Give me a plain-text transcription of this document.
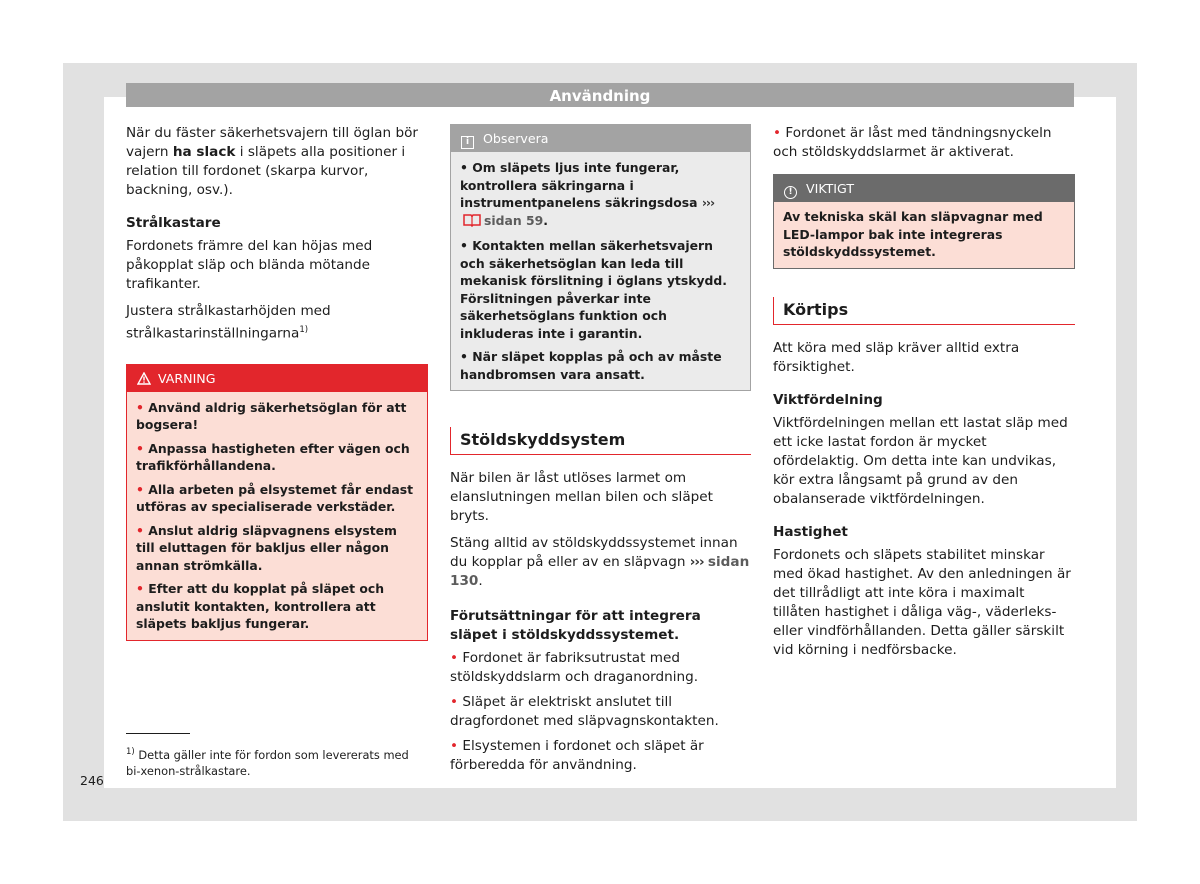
Användning

När du fäster säkerhetsvajern till öglan bör vajern ha slack i släpets alla positioner i relation till fordonet (skarpa kurvor, backning, osv.).

Strålkastare

Fordonets främre del kan höjas med påkopplat släp och blända mötande trafikanter.

Justera strålkastarhöjden med strålkastarinställningarna$^{1)}$

VARNING
• Använd aldrig säkerhetsöglan för att bogsera!
• Anpassa hastigheten efter vägen och trafikförhållandena.
• Alla arbeten på elsystemet får endast utföras av specialiserade verkstäder.
• Anslut aldrig släpvagnens elsystem till eluttagen för bakljus eller någon annan strömkälla.
• Efter att du kopplat på släpet och anslutit kontakten, kontrollera att släpets bakljus fungerar.
i Observera
• Om släpets ljus inte fungerar, kontrollera säkringarna i instrumentpanelens säkringsdosa ››› sidan 59.
• Kontakten mellan säkerhetsvajern och säkerhetsöglan kan leda till mekanisk förslitning i öglans ytskydd. Förslitningen påverkar inte säkerhetsöglans funktion och inkluderas inte i garantin.
• När släpet kopplas på och av måste handbromsen vara ansatt.
Stöldskyddsystem

När bilen är låst utlöses larmet om elanslutningen mellan bilen och släpet bryts.

Stäng alltid av stöldskyddssystemet innan du kopplar på eller av en släpvagn ››› sidan 130.

Förutsättningar för att integrera släpet i stöldskyddssystemet.
• Fordonet är fabriksutrustat med stöldskyddslarm och draganordning.
• Släpet är elektriskt anslutet till dragfordonet med släpvagnskontakten.
• Elsystemen i fordonet och släpet är förberedda för användning.
• Fordonet är låst med tändningsnyckeln och stöldskyddslarmet är aktiverat.
! VIKTIGT
Av tekniska skäl kan släpvagnar med LED-lampor bak inte integreras stöldskyddssystemet.
Körtips

Att köra med släp kräver alltid extra försiktighet.

Viktfördelning

Viktfördelningen mellan ett lastat släp med ett icke lastat fordon är mycket ofördelaktig. Om detta inte kan undvikas, kör extra långsamt på grund av den obalanserade viktfördelningen.

Hastighet

Fordonets och släpets stabilitet minskar med ökad hastighet. Av den anledningen är det tillrådligt att inte köra i maximalt tillåten hastighet i dåliga väg-, väderleks- eller vindförhållanden. Detta gäller särskilt vid körning i nedförsbacke.

$^{1)}$ Detta gäller inte för fordon som levererats med bi-xenon-strålkastare.
246
